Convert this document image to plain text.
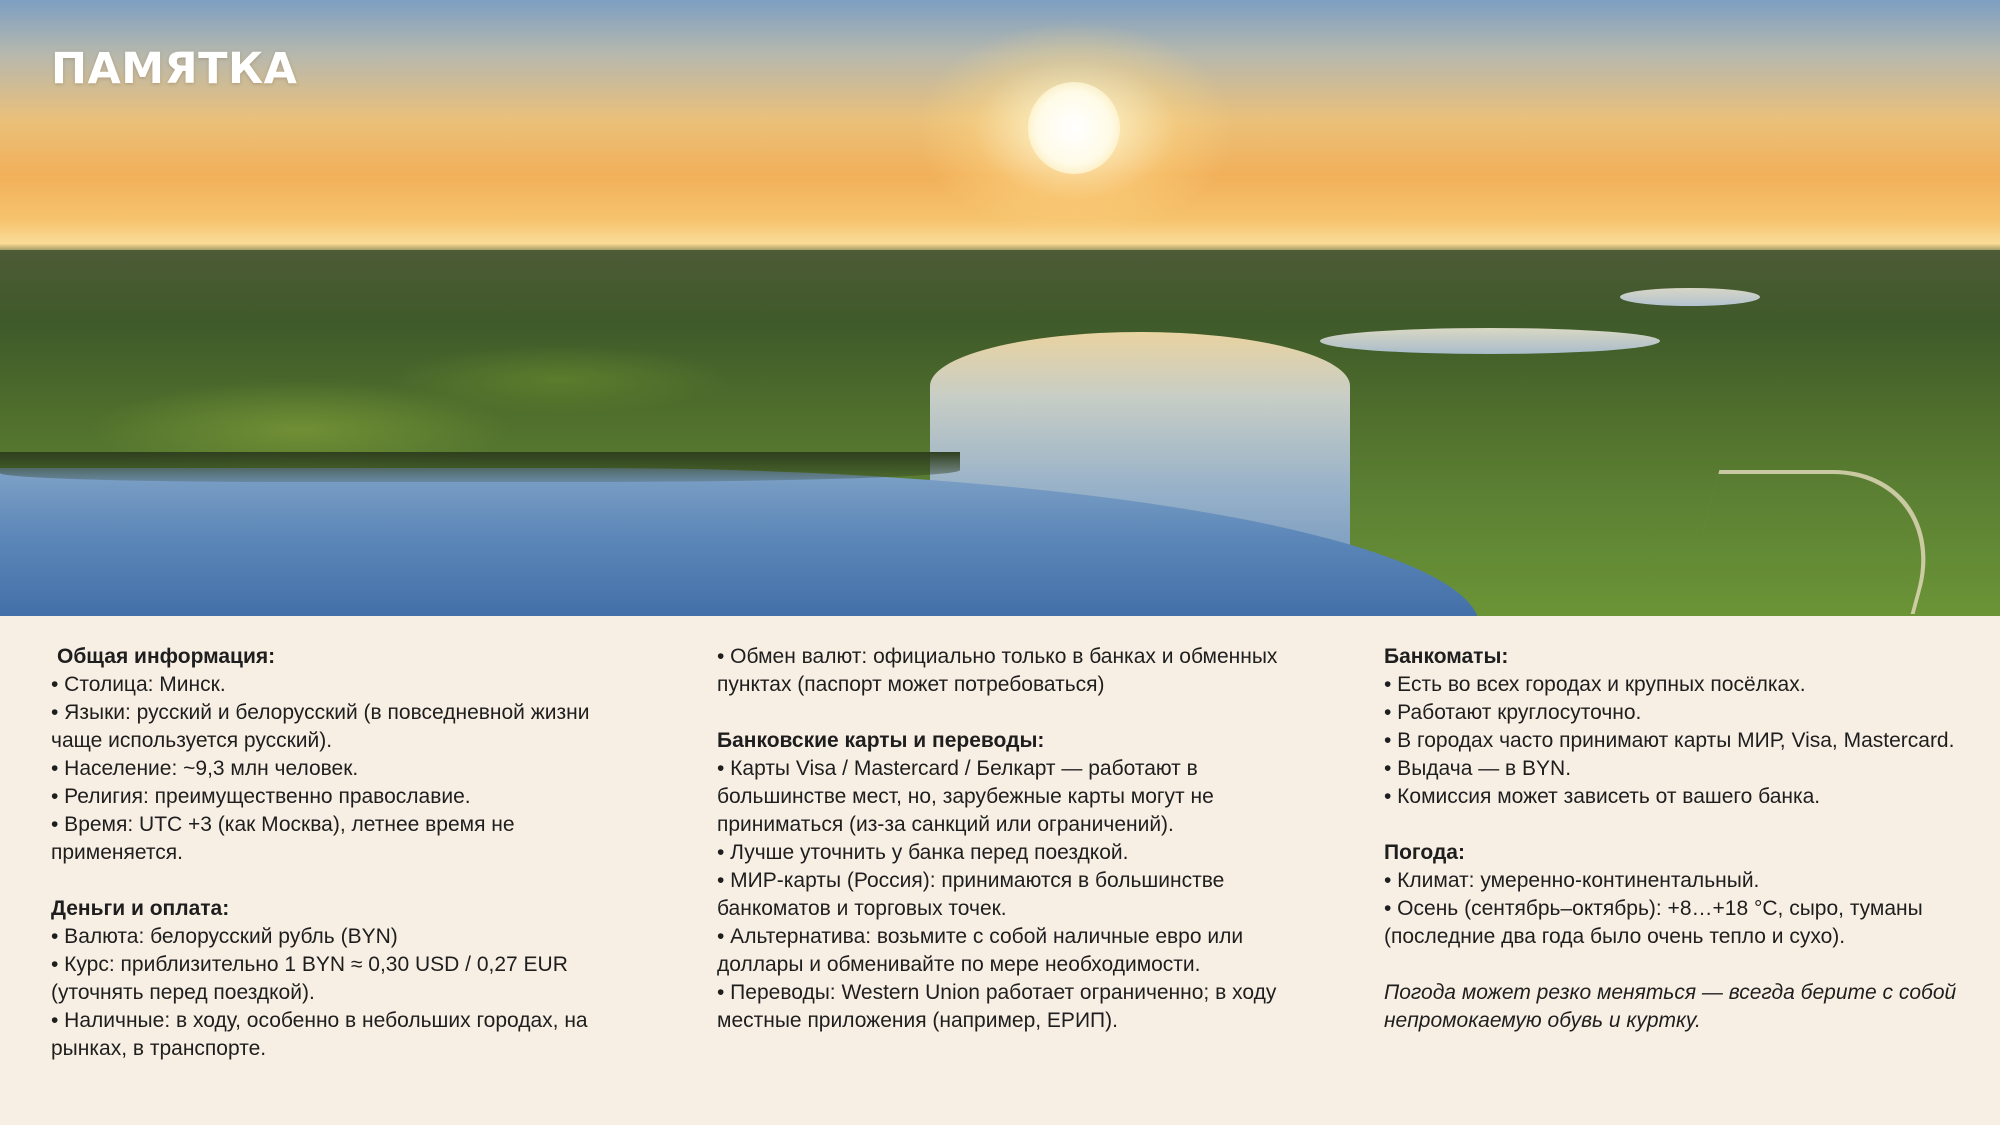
ПАМЯТКА

Общая информация:

• Столица: Минск.

• Языки: русский и белорусский (в повседневной жизни чаще используется русский).

• Население: ~9,3 млн человек.

• Религия: преимущественно православие.

• Время: UTC +3 (как Москва), летнее время не применяется.

Деньги и оплата:

• Валюта: белорусский рубль (BYN)

• Курс: приблизительно 1 BYN ≈ 0,30 USD / 0,27 EUR (уточнять перед поездкой).

• Наличные: в ходу, особенно в небольших городах, на рынках, в транспорте.

• Обмен валют: официально только в банках и обменных пунктах (паспорт может потребоваться)

Банковские карты и переводы:

• Карты Visa / Mastercard / Белкарт — работают в большинстве мест, но, зарубежные карты могут не приниматься (из-за санкций или ограничений).

• Лучше уточнить у банка перед поездкой.

• МИР-карты (Россия): принимаются в большинстве банкоматов и торговых точек.

• Альтернатива: возьмите с собой наличные евро или доллары и обменивайте по мере необходимости.

• Переводы: Western Union работает ограниченно; в ходу местные приложения (например, ЕРИП).

Банкоматы:

• Есть во всех городах и крупных посёлках.

• Работают круглосуточно.

• В городах часто принимают карты МИР, Visa, Mastercard.

• Выдача — в BYN.

• Комиссия может зависеть от вашего банка.

Погода:

• Климат: умеренно-континентальный.

• Осень (сентябрь–октябрь): +8…+18 °C, сыро, туманы (последние два года было очень тепло и сухо).

Погода может резко меняться — всегда берите с собой непромокаемую обувь и куртку.
